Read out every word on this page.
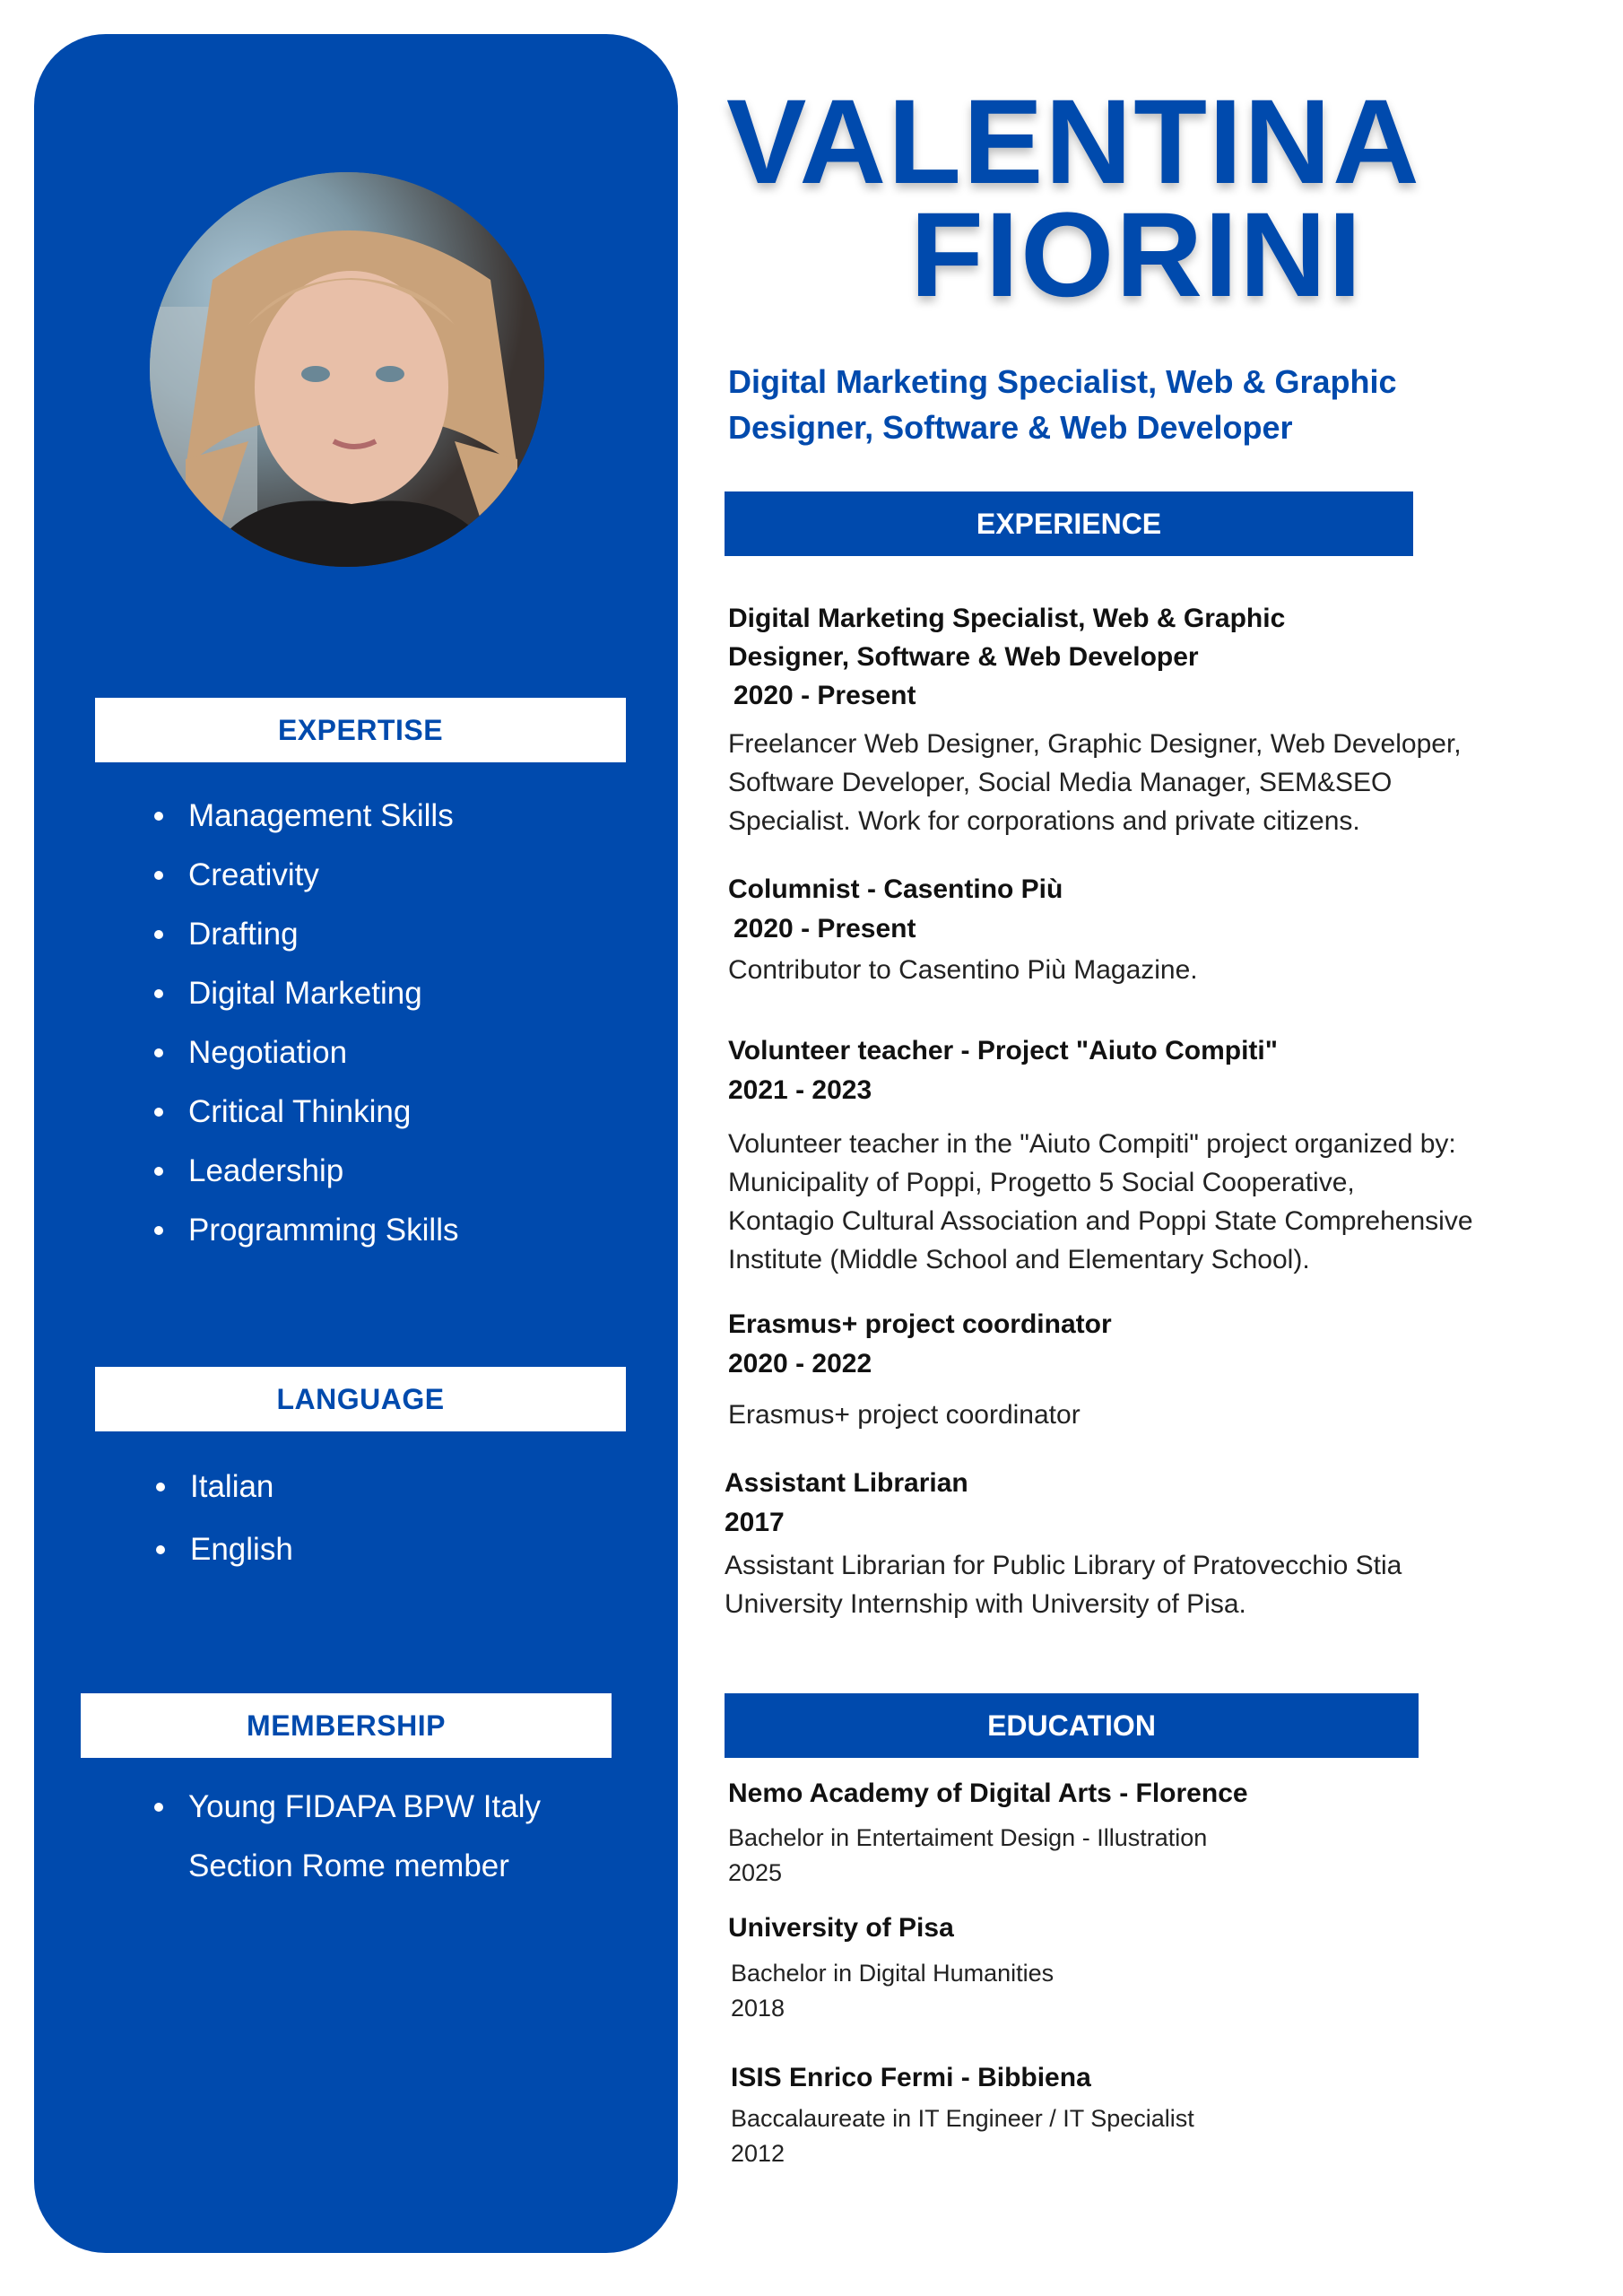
EXPERTISE
Management Skills
Creativity
Drafting
Digital Marketing
Negotiation
Critical Thinking
Leadership
Programming Skills
LANGUAGE
Italian
English
MEMBERSHIP
Young FIDAPA BPW Italy
Section Rome member
VALENTINA
FIORINI
Digital Marketing Specialist, Web & Graphic
Designer, Software & Web Developer
EXPERIENCE
Digital Marketing Specialist, Web & Graphic
Designer, Software & Web Developer
2020 - Present
Freelancer Web Designer, Graphic Designer, Web Developer,
Software Developer, Social Media Manager, SEM&SEO
Specialist. Work for corporations and private citizens.
Columnist - Casentino Più
2020 - Present
Contributor to Casentino Più Magazine.
Volunteer teacher - Project "Aiuto Compiti"
2021 - 2023
Volunteer teacher in the "Aiuto Compiti" project organized by:
Municipality of Poppi, Progetto 5 Social Cooperative,
Kontagio Cultural Association and Poppi State Comprehensive
Institute (Middle School and Elementary School).
Erasmus+ project coordinator
2020 - 2022
Erasmus+ project coordinator
Assistant Librarian
2017
Assistant Librarian for Public Library of Pratovecchio Stia
University Internship with University of Pisa.
EDUCATION
Nemo Academy of Digital Arts - Florence
Bachelor in Entertaiment Design - Illustration
2025
University of Pisa
Bachelor in Digital Humanities
2018
ISIS Enrico Fermi - Bibbiena
Baccalaureate in IT Engineer / IT Specialist
2012
